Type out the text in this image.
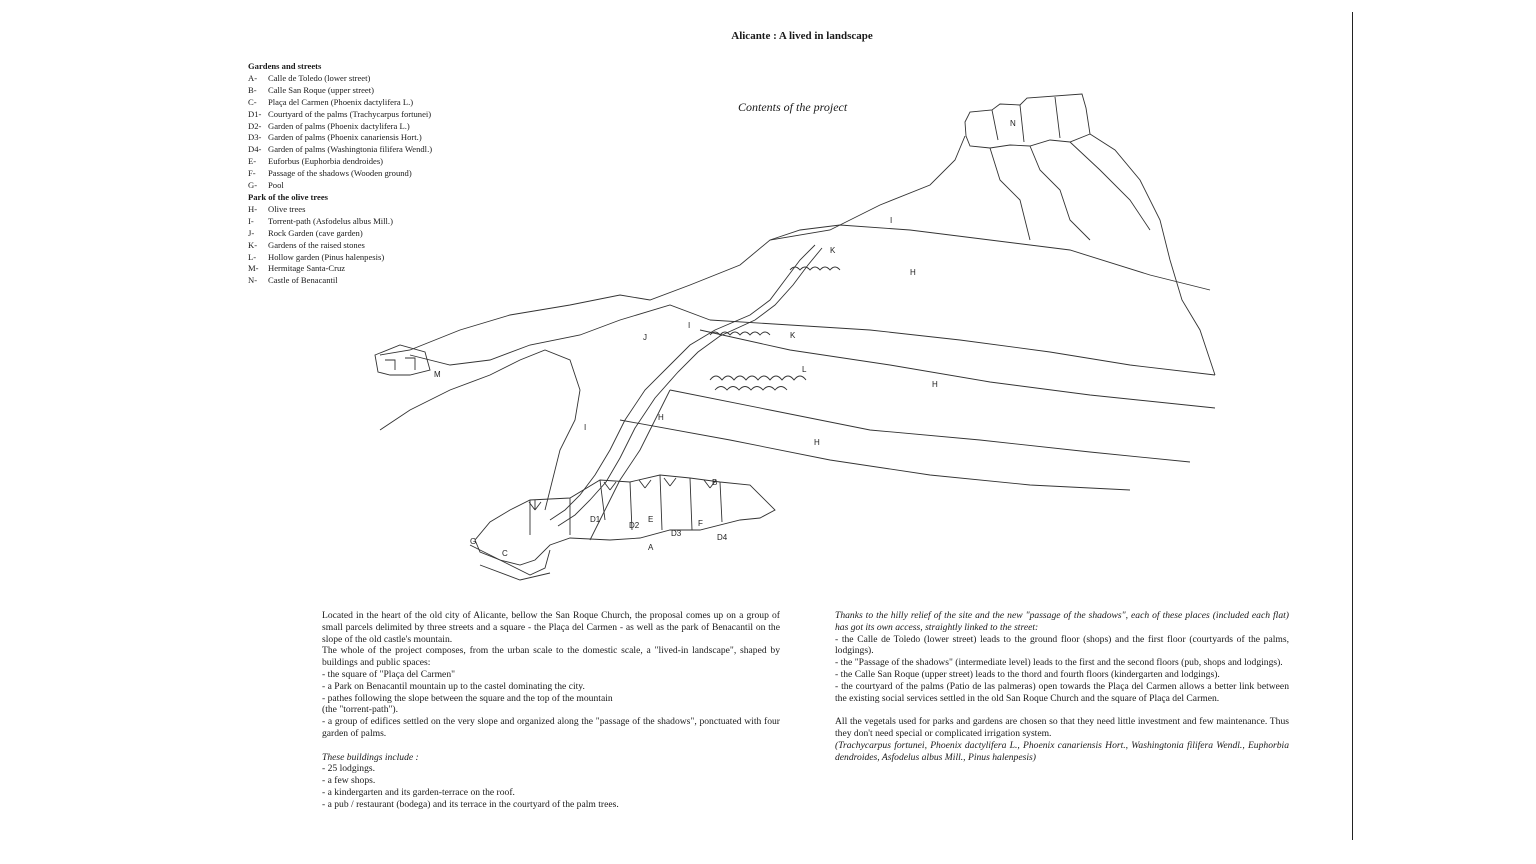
Alicante : A lived in landscape
Gardens and streets
A- Calle de Toledo (lower street)
B- Calle San Roque (upper street)
C- Plaça del Carmen (Phoenix dactylifera L.)
D1- Courtyard of the palms (Trachycarpus fortunei)
D2- Garden of palms (Phoenix dactylifera L.)
D3- Garden of palms (Phoenix canariensis Hort.)
D4- Garden of palms (Washingtonia filifera Wendl.)
E- Euforbus (Euphorbia dendroides)
F- Passage of the shadows (Wooden ground)
G- Pool
Park of the olive trees
H- Olive trees
I- Torrent-path (Asfodelus albus Mill.)
J- Rock Garden (cave garden)
K- Gardens of the raised stones
L- Hollow garden (Pinus halenpesis)
M- Hermitage Santa-Cruz
N- Castle of Benacantil
Contents of the project
N
I
K
H
K
I
J
L
H
M
I
H
H
B
D1
D2
E	F
D3	D4
G
C
A

Located in the heart of the old city of Alicante, bellow the San Roque Church, the proposal comes up on a group of small parcels delimited by three streets and a square - the Plaça del Carmen - as well as the park of Benacantil on the slope of the old castle's mountain.

The whole of the project composes, from the urban scale to the domestic scale, a "lived-in landscape", shaped by buildings and public spaces:

- the square of "Plaça del Carmen"

- a Park on Benacantil mountain up to the castel dominating the city.

- pathes following the slope between the square and the top of the mountain

(the "torrent-path").

- a group of edifices settled on the very slope and organized along the "passage of the shadows", ponctuated with four garden of palms.

These buildings include :

- 25 lodgings.

- a few shops.

- a kindergarten and its garden-terrace on the roof.

- a pub / restaurant (bodega) and its terrace in the courtyard of the palm trees.

Thanks to the hilly relief of the site and the new "passage of the shadows", each of these places (included each flat) has got its own access, straightly linked to the street:

- the Calle de Toledo (lower street) leads to the ground floor (shops) and the first floor (courtyards of the palms, lodgings).

- the "Passage of the shadows" (intermediate level) leads to the first and the second floors (pub, shops and lodgings).

- the Calle San Roque (upper street) leads to the thord and fourth floors (kindergarten and lodgings).

- the courtyard of the palms (Patio de las palmeras) open towards the Plaça del Carmen allows a better link between the existing social services settled in the old San Roque Church and the square of Plaça del Carmen.

All the vegetals used for parks and gardens are chosen so that they need little investment and few maintenance. Thus they don't need special or complicated irrigation system.

(Trachycarpus fortunei, Phoenix dactylifera L., Phoenix canariensis Hort., Washingtonia filifera Wendl., Euphorbia dendroides, Asfodelus albus Mill., Pinus halenpesis)
